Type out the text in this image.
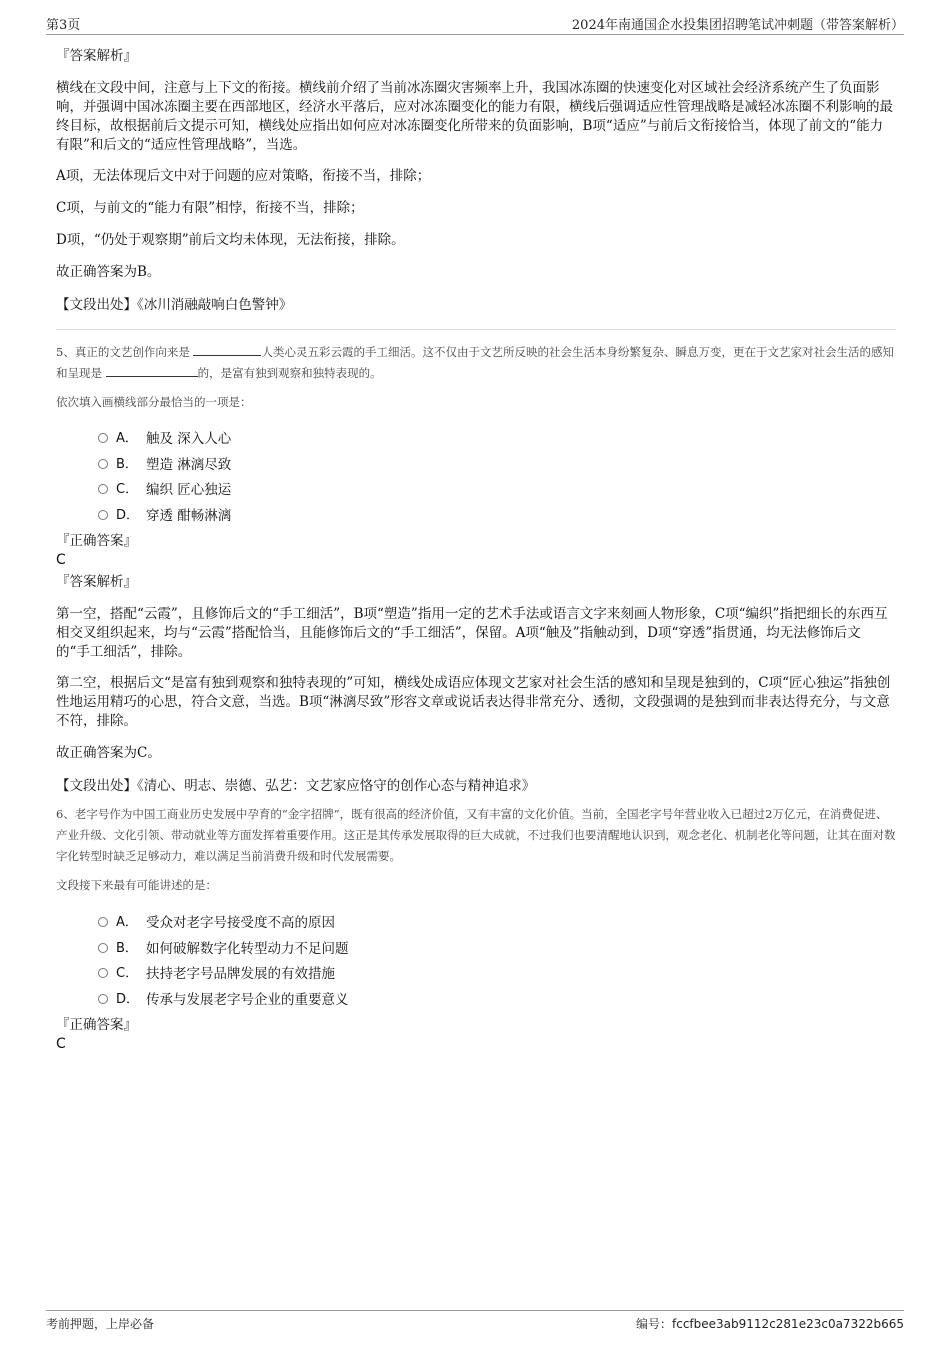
第3页	2024年南通国企水投集团招聘笔试冲刺题（带答案解析）

『答案解析』

横线在文段中间，注意与上下文的衔接。横线前介绍了当前冰冻圈灾害频率上升，我国冰冻圈的快速变化对区域社会经济系统产生了负面影响，并强调中国冰冻圈主要在西部地区，经济水平落后，应对冰冻圈变化的能力有限，横线后强调适应性管理战略是减轻冰冻圈不利影响的最终目标，故根据前后文提示可知，横线处应指出如何应对冰冻圈变化所带来的负面影响，B项“适应”与前后文衔接恰当，体现了前文的“能力有限”和后文的“适应性管理战略”，当选。

A项，无法体现后文中对于问题的应对策略，衔接不当，排除；

C项，与前文的“能力有限”相悖，衔接不当，排除；

D项，“仍处于观察期”前后文均未体现，无法衔接，排除。

故正确答案为B。

【文段出处】《冰川消融敲响白色警钟》

5、真正的文艺创作向来是	人类心灵五彩云霞的手工细活。这不仅由于文艺所反映的社会生活本身纷繁复杂、瞬息万变，更在于文艺家对社会生活的感知和呈现是	的，是富有独到观察和独特表现的。

依次填入画横线部分最恰当的一项是：

A． 触及 深入人心
B． 塑造 淋漓尽致
C． 编织 匠心独运
D． 穿透 酣畅淋漓

『正确答案』

C

『答案解析』

第一空，搭配“云霞”，且修饰后文的“手工细活”，B项“塑造”指用一定的艺术手法或语言文字来刻画人物形象，C项“编织”指把细长的东西互相交叉组织起来，均与“云霞”搭配恰当，且能修饰后文的“手工细活”，保留。A项“触及”指触动到，D项“穿透”指贯通，均无法修饰后文的“手工细活”，排除。

第二空，根据后文“是富有独到观察和独特表现的”可知，横线处成语应体现文艺家对社会生活的感知和呈现是独到的，C项“匠心独运”指独创性地运用精巧的心思，符合文意，当选。B项“淋漓尽致”形容文章或说话表达得非常充分、透彻，文段强调的是独到而非表达得充分，与文意不符，排除。

故正确答案为C。

【文段出处】《清心、明志、崇德、弘艺：文艺家应恪守的创作心态与精神追求》

6、老字号作为中国工商业历史发展中孕育的“金字招牌”，既有很高的经济价值，又有丰富的文化价值。当前，全国老字号年营业收入已超过2万亿元，在消费促进、产业升级、文化引领、带动就业等方面发挥着重要作用。这正是其传承发展取得的巨大成就，不过我们也要清醒地认识到，观念老化、机制老化等问题，让其在面对数字化转型时缺乏足够动力，难以满足当前消费升级和时代发展需要。

文段接下来最有可能讲述的是：

A． 受众对老字号接受度不高的原因
B． 如何破解数字化转型动力不足问题
C． 扶持老字号品牌发展的有效措施
D． 传承与发展老字号企业的重要意义

『正确答案』

C

考前押题，上岸必备	编号：fccfbee3ab9112c281e23c0a7322b665
